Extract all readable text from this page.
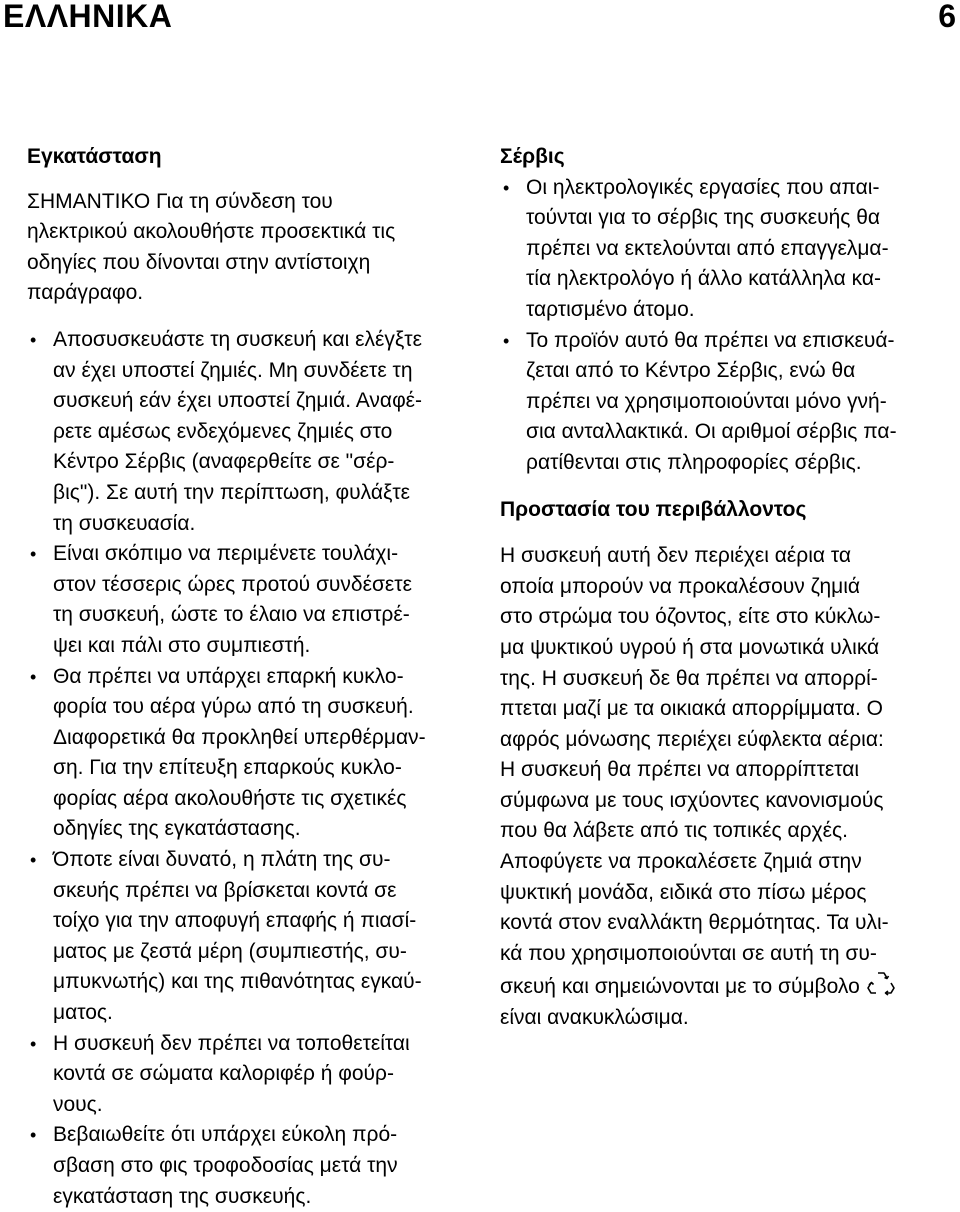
ΕΛΛΗΝΙΚΑ	6
Εγκατάσταση

ΣΗΜΑΝΤΙΚΟ Για τη σύνδεση του
ηλεκτρικού ακολουθήστε προσεκτικά τις
οδηγίες που δίνονται στην αντίστοιχη
παράγραφο.

• Αποσυσκευάστε τη συσκευή και ελέγξτε
αν έχει υποστεί ζημιές. Μη συνδέετε τη
συσκευή εάν έχει υποστεί ζημιά. Αναφέ-
ρετε αμέσως ενδεχόμενες ζημιές στο
Κέντρο Σέρβις (αναφερθείτε σε "σέρ-
βις"). Σε αυτή την περίπτωση, φυλάξτε
τη συσκευασία.
• Είναι σκόπιμο να περιμένετε τουλάχι-
στον τέσσερις ώρες προτού συνδέσετε
τη συσκευή, ώστε το έλαιο να επιστρέ-
ψει και πάλι στο συμπιεστή.
• Θα πρέπει να υπάρχει επαρκή κυκλο-
φορία του αέρα γύρω από τη συσκευή.
Διαφορετικά θα προκληθεί υπερθέρμαν-
ση. Για την επίτευξη επαρκούς κυκλο-
φορίας αέρα ακολουθήστε τις σχετικές
οδηγίες της εγκατάστασης.
• Όποτε είναι δυνατό, η πλάτη της συ-
σκευής πρέπει να βρίσκεται κοντά σε
τοίχο για την αποφυγή επαφής ή πιασί-
ματος με ζεστά μέρη (συμπιεστής, συ-
μπυκνωτής) και της πιθανότητας εγκαύ-
ματος.
• Η συσκευή δεν πρέπει να τοποθετείται
κοντά σε σώματα καλοριφέρ ή φούρ-
νους.
• Βεβαιωθείτε ότι υπάρχει εύκολη πρό-
σβαση στο φις τροφοδοσίας μετά την
εγκατάσταση της συσκευής.
Σέρβις
• Οι ηλεκτρολογικές εργασίες που απαι-
τούνται για το σέρβις της συσκευής θα
πρέπει να εκτελούνται από επαγγελμα-
τία ηλεκτρολόγο ή άλλο κατάλληλα κα-
ταρτισμένο άτομο.
• Το προϊόν αυτό θα πρέπει να επισκευά-
ζεται από το Κέντρο Σέρβις, ενώ θα
πρέπει να χρησιμοποιούνται μόνο γνή-
σια ανταλλακτικά. Οι αριθμοί σέρβις πα-
ρατίθενται στις πληροφορίες σέρβις.
Προστασία του περιβάλλοντος

Η συσκευή αυτή δεν περιέχει αέρια τα
οποία μπορούν να προκαλέσουν ζημιά
στο στρώμα του όζοντος, είτε στο κύκλω-
μα ψυκτικού υγρού ή στα μονωτικά υλικά
της. Η συσκευή δε θα πρέπει να απορρί-
πτεται μαζί με τα οικιακά απορρίμματα. Ο
αφρός μόνωσης περιέχει εύφλεκτα αέρια:
Η συσκευή θα πρέπει να απορρίπτεται
σύμφωνα με τους ισχύοντες κανονισμούς
που θα λάβετε από τις τοπικές αρχές.
Αποφύγετε να προκαλέσετε ζημιά στην
ψυκτική μονάδα, ειδικά στο πίσω μέρος
κοντά στον εναλλάκτη θερμότητας. Τα υλι-
κά που χρησιμοποιούνται σε αυτή τη συ-
σκευή και σημειώνονται με το σύμβολο
είναι ανακυκλώσιμα.
